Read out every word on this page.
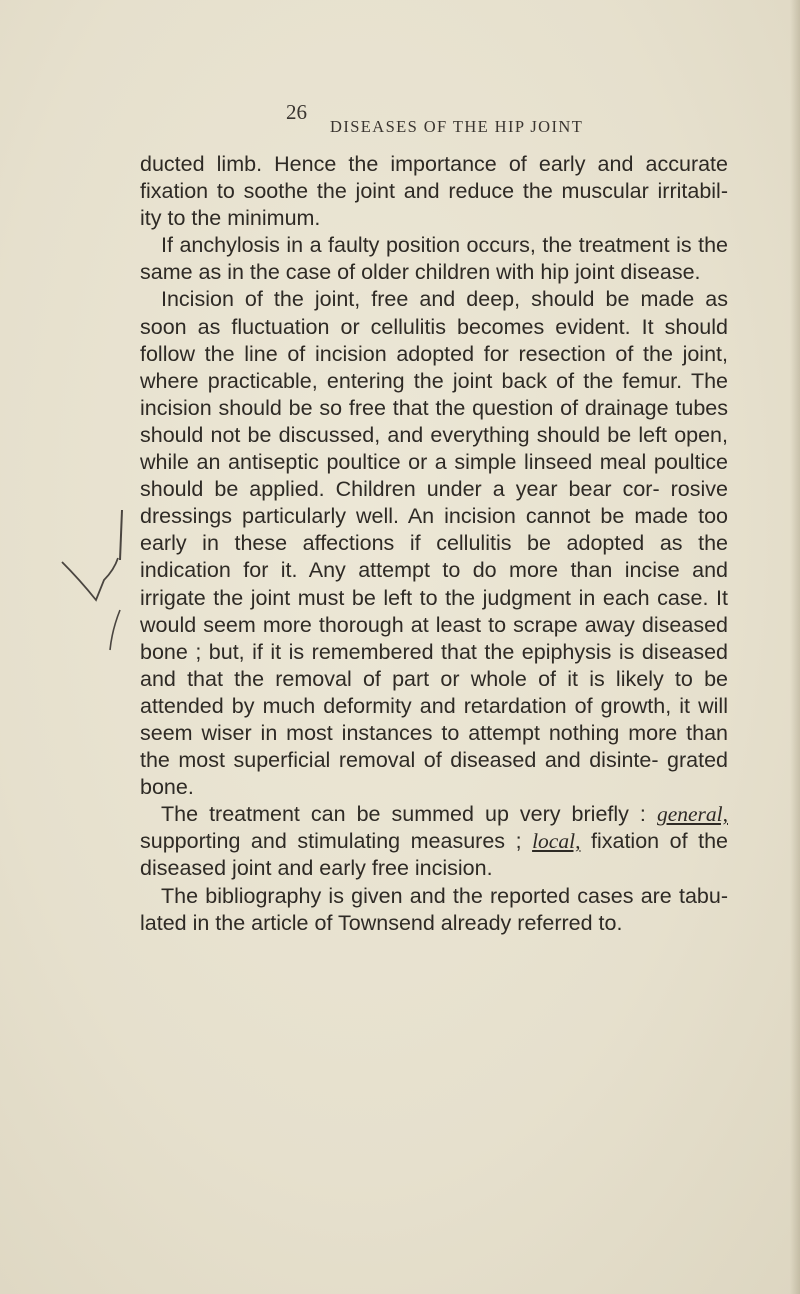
26
DISEASES OF THE HIP JOINT

ducted limb. Hence the importance of early and accurate fixation to soothe the joint and reduce the muscular irritabil- ity to the minimum.

If anchylosis in a faulty position occurs, the treatment is the same as in the case of older children with hip joint disease.

Incision of the joint, free and deep, should be made as soon as fluctuation or cellulitis becomes evident. It should follow the line of incision adopted for resection of the joint, where practicable, entering the joint back of the femur. The incision should be so free that the question of drainage tubes should not be discussed, and everything should be left open, while an antiseptic poultice or a simple linseed meal poultice should be applied. Children under a year bear cor- rosive dressings particularly well. An incision cannot be made too early in these affections if cellulitis be adopted as the indication for it. Any attempt to do more than incise and irrigate the joint must be left to the judgment in each case. It would seem more thorough at least to scrape away diseased bone ; but, if it is remembered that the epiphysis is diseased and that the removal of part or whole of it is likely to be attended by much deformity and retardation of growth, it will seem wiser in most instances to attempt nothing more than the most superficial removal of diseased and disinte- grated bone.

The treatment can be summed up very briefly : general, supporting and stimulating measures ; local, fixation of the diseased joint and early free incision.

The bibliography is given and the reported cases are tabu- lated in the article of Townsend already referred to.
